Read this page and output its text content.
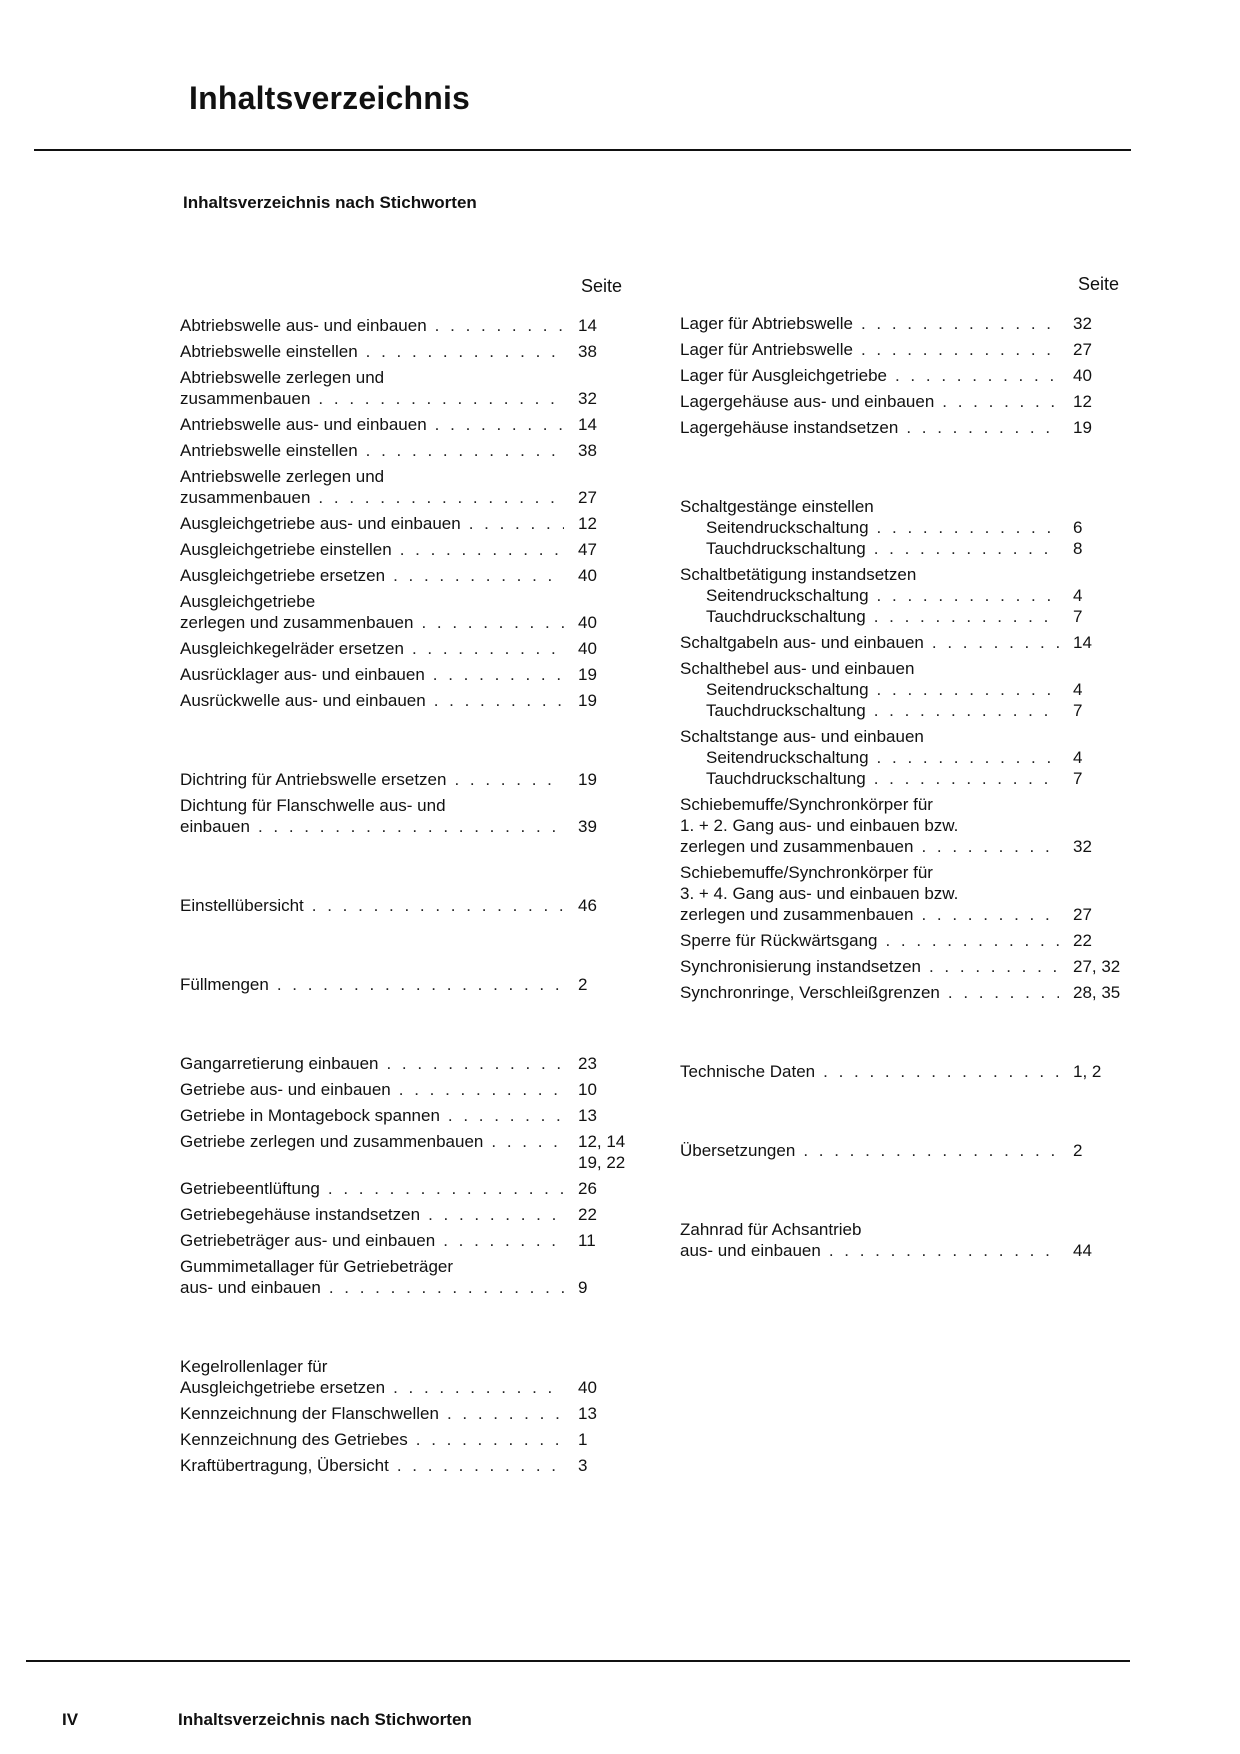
Inhaltsverzeichnis
Inhaltsverzeichnis nach Stichworten
Seite	Seite
Abtriebswelle aus- und einbauen . . .	14
Abtriebswelle einstellen . . .	38
Abtriebswelle zerlegen und
zusammenbauen . . .	32
Antriebswelle aus- und einbauen . . .	14
Antriebswelle einstellen . . .	38
Antriebswelle zerlegen und
zusammenbauen . . .	27
Ausgleichgetriebe aus- und einbauen . . .	12
Ausgleichgetriebe einstellen . . .	47
Ausgleichgetriebe ersetzen . . .	40
Ausgleichgetriebe
zerlegen und zusammenbauen . . .	40
Ausgleichkegelräder ersetzen . . .	40
Ausrücklager aus- und einbauen . . .	19
Ausrückwelle aus- und einbauen . . .	19
Dichtring für Antriebswelle ersetzen . . .	19
Dichtung für Flanschwelle aus- und
einbauen . . .	39
Einstellübersicht . . .	46
Füllmengen . . .	2
Gangarretierung einbauen . . .	23
Getriebe aus- und einbauen . . .	10
Getriebe in Montagebock spannen . . .	13
Getriebe zerlegen und zusammenbauen . . .	12, 14
19, 22
Getriebeentlüftung . . .	26
Getriebegehäuse instandsetzen . . .	22
Getriebeträger aus- und einbauen . . .	11
Gummimetallager für Getriebeträger
aus- und einbauen . . .	9
Kegelrollenlager für
Ausgleichgetriebe ersetzen . . .	40
Kennzeichnung der Flanschwellen . . .	13
Kennzeichnung des Getriebes . . .	1
Kraftübertragung, Übersicht . . .	3
Lager für Abtriebswelle . . .	32
Lager für Antriebswelle . . .	27
Lager für Ausgleichgetriebe . . .	40
Lagergehäuse aus- und einbauen . . .	12
Lagergehäuse instandsetzen . . .	19
Schaltgestänge einstellen
Seitendruckschaltung . . .	6
Tauchdruckschaltung . . .	8
Schaltbetätigung instandsetzen
Seitendruckschaltung . . .	4
Tauchdruckschaltung . . .	7
Schaltgabeln aus- und einbauen . . .	14
Schalthebel aus- und einbauen
Seitendruckschaltung . . .	4
Tauchdruckschaltung . . .	7
Schaltstange aus- und einbauen
Seitendruckschaltung . . .	4
Tauchdruckschaltung . . .	7
Schiebemuffe/Synchronkörper für
1. + 2. Gang aus- und einbauen bzw.
zerlegen und zusammenbauen . . .	32
Schiebemuffe/Synchronkörper für
3. + 4. Gang aus- und einbauen bzw.
zerlegen und zusammenbauen . . .	27
Sperre für Rückwärtsgang . . .	22
Synchronisierung instandsetzen . . .	27, 32
Synchronringe, Verschleißgrenzen . . .	28, 35
Technische Daten . . .	1, 2
Übersetzungen . . .	2
Zahnrad für Achsantrieb
aus- und einbauen . . .	44
IV	Inhaltsverzeichnis nach Stichworten
